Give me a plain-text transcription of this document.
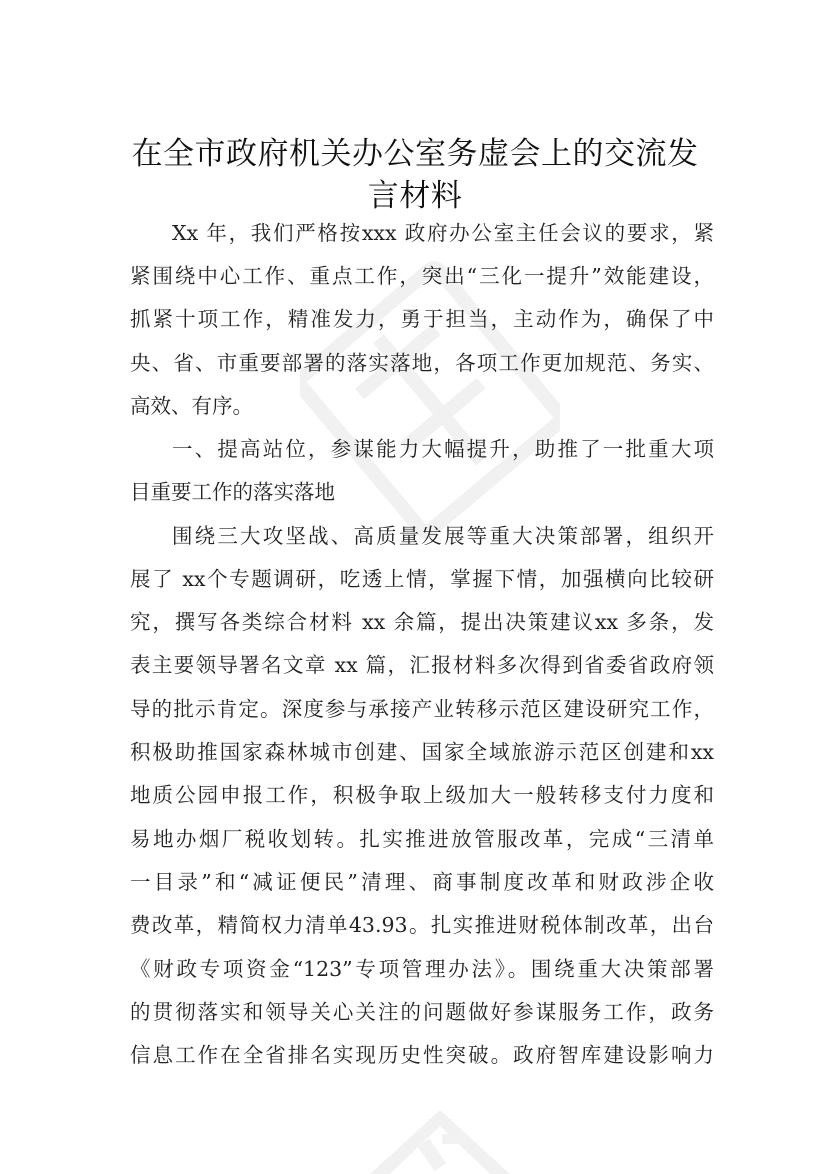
在全市政府机关办公室务虚会上的交流发
言材料
Xx 年，我们严格按xxx 政府办公室主任会议的要求，紧
紧围绕中心工作、重点工作，突出“三化一提升”效能建设，
抓紧十项工作，精准发力，勇于担当，主动作为，确保了中
央、省、市重要部署的落实落地，各项工作更加规范、务实、
高效、有序。
一、提高站位，参谋能力大幅提升，助推了一批重大项
目重要工作的落实落地
围绕三大攻坚战、高质量发展等重大决策部署，组织开
展了 xx个专题调研，吃透上情，掌握下情，加强横向比较研
究，撰写各类综合材料 xx 余篇，提出决策建议xx 多条，发
表主要领导署名文章 xx 篇，汇报材料多次得到省委省政府领
导的批示肯定。深度参与承接产业转移示范区建设研究工作，
积极助推国家森林城市创建、国家全域旅游示范区创建和xx
地质公园申报工作，积极争取上级加大一般转移支付力度和
易地办烟厂税收划转。扎实推进放管服改革，完成“三清单
一目录”和“减证便民”清理、商事制度改革和财政涉企收
费改革，精简权力清单43.93。扎实推进财税体制改革，出台
《财政专项资金“123”专项管理办法》。围绕重大决策部署
的贯彻落实和领导关心关注的问题做好参谋服务工作，政务
信息工作在全省排名实现历史性突破。政府智库建设影响力
